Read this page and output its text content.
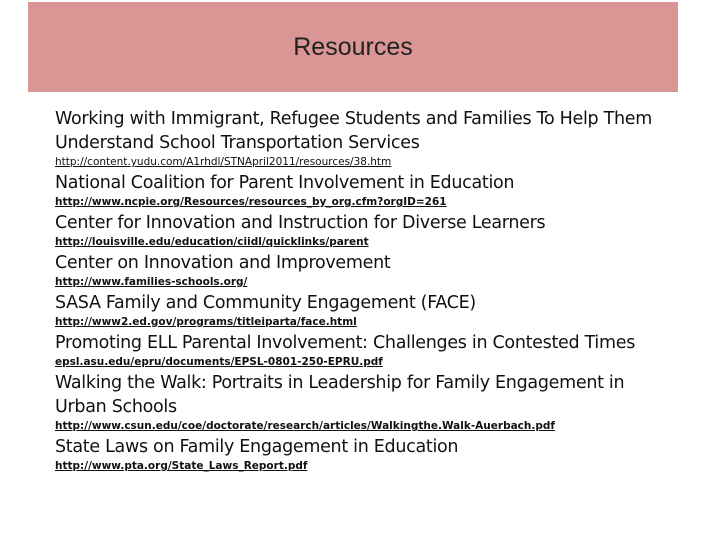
Resources
Working with Immigrant, Refugee Students and Families To Help Them Understand School Transportation Services
http://content.yudu.com/A1rhdl/STNApril2011/resources/38.htm
National Coalition for Parent Involvement in Education
http://www.ncpie.org/Resources/resources_by_org.cfm?orgID=261
Center for Innovation and Instruction for Diverse Learners
http://louisville.edu/education/ciidl/quicklinks/parent
Center on Innovation and Improvement
http://www.families-schools.org/
SASA Family and Community Engagement (FACE)
http://www2.ed.gov/programs/titleiparta/face.html
Promoting ELL Parental Involvement: Challenges in Contested Times
epsl.asu.edu/epru/documents/EPSL-0801-250-EPRU.pdf
Walking the Walk: Portraits in Leadership for Family Engagement in Urban Schools
http://www.csun.edu/coe/doctorate/research/articles/Walkingthe.Walk-Auerbach.pdf
State Laws on Family Engagement in Education
http://www.pta.org/State_Laws_Report.pdf
